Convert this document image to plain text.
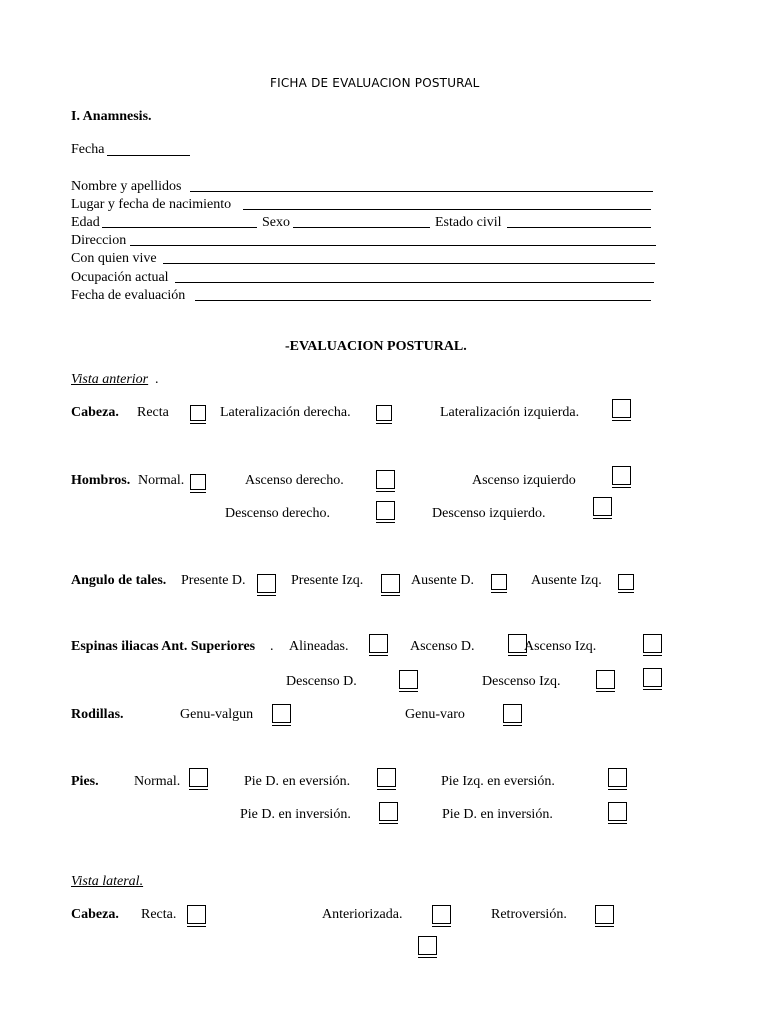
FICHA DE EVALUACION POSTURAL
I. Anamnesis.
Fecha
Nombre y apellidos
Lugar y fecha de nacimiento
Edad	Sexo	Estado civil
Direccion
Con quien vive
Ocupación actual
Fecha de evaluación
-EVALUACION POSTURAL.
Vista anterior .
Cabeza. Recta	Lateralización derecha.	Lateralización izquierda.
Hombros. Normal.	Ascenso derecho.	Ascenso izquierdo
Descenso derecho.	Descenso izquierdo.
Angulo de tales. Presente D.	Presente Izq.	Ausente D.	Ausente Izq.
Espinas iliacas Ant. Superiores . Alineadas.	Ascenso D.	Ascenso Izq.
Descenso D.	Descenso Izq.
Rodillas.	Genu-valgun	Genu-varo
Pies.	Normal.	Pie D. en eversión.	Pie Izq. en eversión.
Pie D. en inversión.	Pie D. en inversión.
Vista lateral.
Cabeza. Recta.	Anteriorizada.	Retroversión.
